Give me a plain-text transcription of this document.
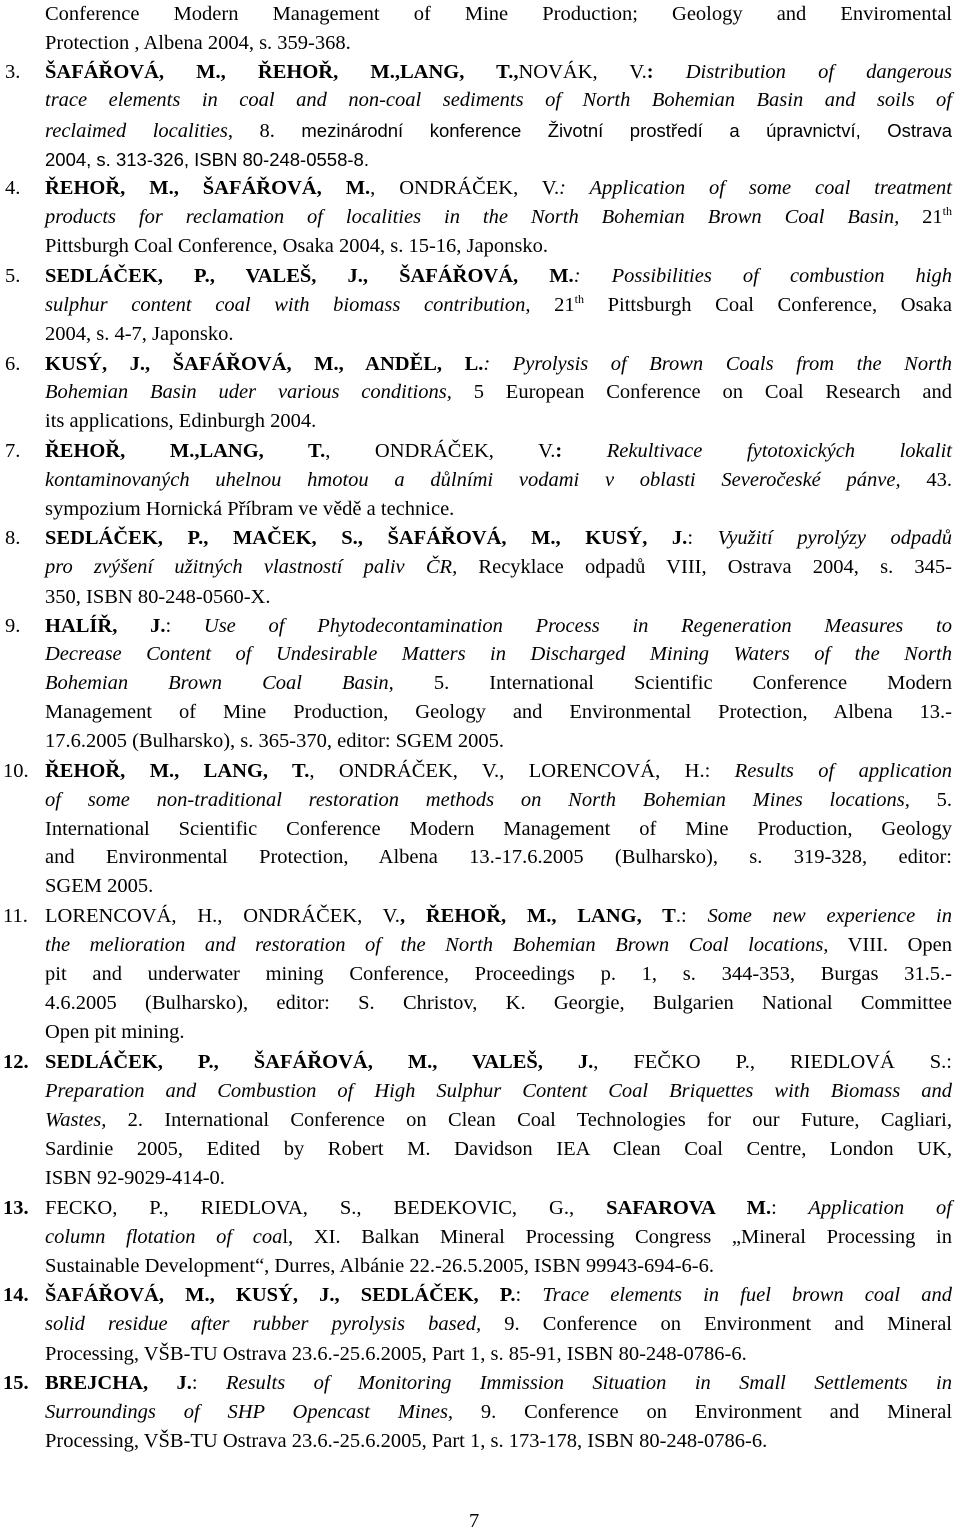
Conference Modern Management of Mine Production; Geology and Enviromental
Protection , Albena 2004, s. 359-368.
ŠAFÁŘOVÁ, M., ŘEHOŘ, M.,LANG, T.,NOVÁK, V.: Distribution of dangerous
trace elements in coal and non-coal sediments of North Bohemian Basin and soils of
reclaimed localities, 8. mezinárodní konference Životní prostředí a úpravnictví, Ostrava
2004, s. 313-326, ISBN 80-248-0558-8.
ŘEHOŘ, M., ŠAFÁŘOVÁ, M., ONDRÁČEK, V.: Application of some coal treatment
products for reclamation of localities in the North Bohemian Brown Coal Basin, 21th
Pittsburgh Coal Conference, Osaka 2004, s. 15-16, Japonsko.
SEDLÁČEK, P., VALEŠ, J., ŠAFÁŘOVÁ, M.: Possibilities of combustion high
sulphur content coal with biomass contribution, 21th Pittsburgh Coal Conference, Osaka
2004, s. 4-7, Japonsko.
KUSÝ, J., ŠAFÁŘOVÁ, M., ANDĚL, L.: Pyrolysis of Brown Coals from the North
Bohemian Basin uder various conditions, 5 European Conference on Coal Research and
its applications, Edinburgh 2004.
ŘEHOŘ, M.,LANG, T., ONDRÁČEK, V.: Rekultivace fytotoxických lokalit
kontaminovaných uhelnou hmotou a důlními vodami v oblasti Severočeské pánve, 43.
sympozium Hornická Příbram ve vědě a technice.
SEDLÁČEK, P., MAČEK, S., ŠAFÁŘOVÁ, M., KUSÝ, J.: Využití pyrolýzy odpadů
pro zvýšení užitných vlastností paliv ČR, Recyklace odpadů VIII, Ostrava 2004, s. 345-
350, ISBN 80-248-0560-X.
HALÍŘ, J.: Use of Phytodecontamination Process in Regeneration Measures to
Decrease Content of Undesirable Matters in Discharged Mining Waters of the North
Bohemian Brown Coal Basin, 5. International Scientific Conference Modern
Management of Mine Production, Geology and Environmental Protection, Albena 13.-
17.6.2005 (Bulharsko), s. 365-370, editor: SGEM 2005.
ŘEHOŘ, M., LANG, T., ONDRÁČEK, V., LORENCOVÁ, H.: Results of application
of some non-traditional restoration methods on North Bohemian Mines locations, 5.
International Scientific Conference Modern Management of Mine Production, Geology
and Environmental Protection, Albena 13.-17.6.2005 (Bulharsko), s. 319-328, editor:
SGEM 2005.
LORENCOVÁ, H., ONDRÁČEK, V., ŘEHOŘ, M., LANG, T.: Some new experience in
the melioration and restoration of the North Bohemian Brown Coal locations, VIII. Open
pit and underwater mining Conference, Proceedings p. 1, s. 344-353, Burgas 31.5.-
4.6.2005 (Bulharsko), editor: S. Christov, K. Georgie, Bulgarien National Committee
Open pit mining.
SEDLÁČEK, P., ŠAFÁŘOVÁ, M., VALEŠ, J., FEČKO P., RIEDLOVÁ S.:
Preparation and Combustion of High Sulphur Content Coal Briquettes with Biomass and
Wastes, 2. International Conference on Clean Coal Technologies for our Future, Cagliari,
Sardinie 2005, Edited by Robert M. Davidson IEA Clean Coal Centre, London UK,
ISBN 92-9029-414-0.
FECKO, P., RIEDLOVA, S., BEDEKOVIC, G., SAFAROVA M.: Application of
column flotation of coal, XI. Balkan Mineral Processing Congress „Mineral Processing in
Sustainable Development“, Durres, Albánie 22.-26.5.2005, ISBN 99943-694-6-6.
ŠAFÁŘOVÁ, M., KUSÝ, J., SEDLÁČEK, P.: Trace elements in fuel brown coal and
solid residue after rubber pyrolysis based, 9. Conference on Environment and Mineral
Processing, VŠB-TU Ostrava 23.6.-25.6.2005, Part 1, s. 85-91, ISBN 80-248-0786-6.
BREJCHA, J.: Results of Monitoring Immission Situation in Small Settlements in
Surroundings of SHP Opencast Mines, 9. Conference on Environment and Mineral
Processing, VŠB-TU Ostrava 23.6.-25.6.2005, Part 1, s. 173-178, ISBN 80-248-0786-6.
3.
4.
5.
6.
7.
8.
9.
10.
11.
12.
13.
14.
15.
7
